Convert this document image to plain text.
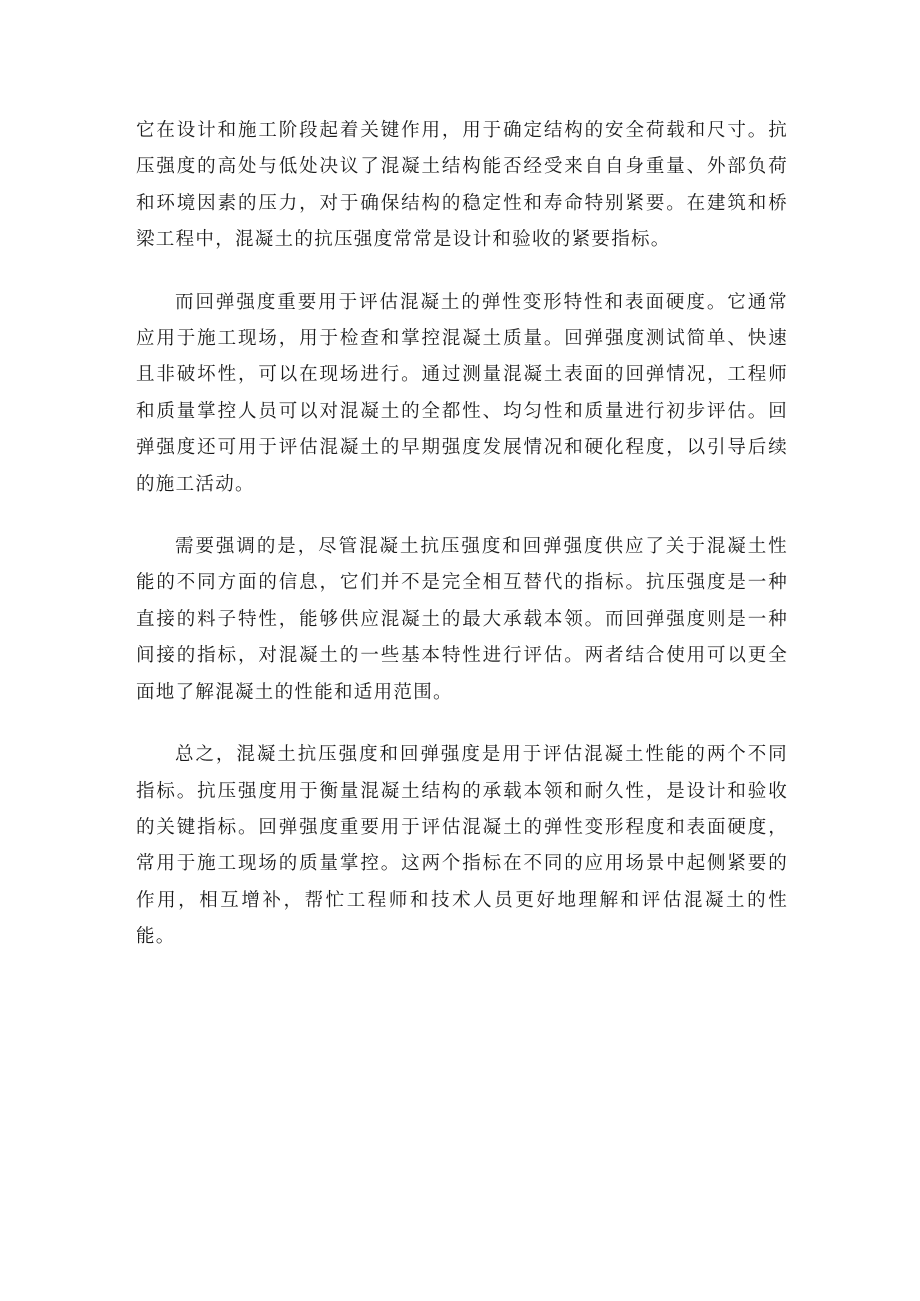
它在设计和施工阶段起着关键作用，用于确定结构的安全荷载和尺寸。抗压强度的高处与低处决议了混凝土结构能否经受来自自身重量、外部负荷和环境因素的压力，对于确保结构的稳定性和寿命特别紧要。在建筑和桥梁工程中，混凝土的抗压强度常常是设计和验收的紧要指标。

而回弹强度重要用于评估混凝土的弹性变形特性和表面硬度。它通常应用于施工现场，用于检查和掌控混凝土质量。回弹强度测试简单、快速且非破坏性，可以在现场进行。通过测量混凝土表面的回弹情况，工程师和质量掌控人员可以对混凝土的全都性、均匀性和质量进行初步评估。回弹强度还可用于评估混凝土的早期强度发展情况和硬化程度，以引导后续的施工活动。

需要强调的是，尽管混凝土抗压强度和回弹强度供应了关于混凝土性能的不同方面的信息，它们并不是完全相互替代的指标。抗压强度是一种直接的料子特性，能够供应混凝土的最大承载本领。而回弹强度则是一种间接的指标，对混凝土的一些基本特性进行评估。两者结合使用可以更全面地了解混凝土的性能和适用范围。

总之，混凝土抗压强度和回弹强度是用于评估混凝土性能的两个不同指标。抗压强度用于衡量混凝土结构的承载本领和耐久性，是设计和验收的关键指标。回弹强度重要用于评估混凝土的弹性变形程度和表面硬度，常用于施工现场的质量掌控。这两个指标在不同的应用场景中起侧紧要的作用，相互增补，帮忙工程师和技术人员更好地理解和评估混凝土的性能。
